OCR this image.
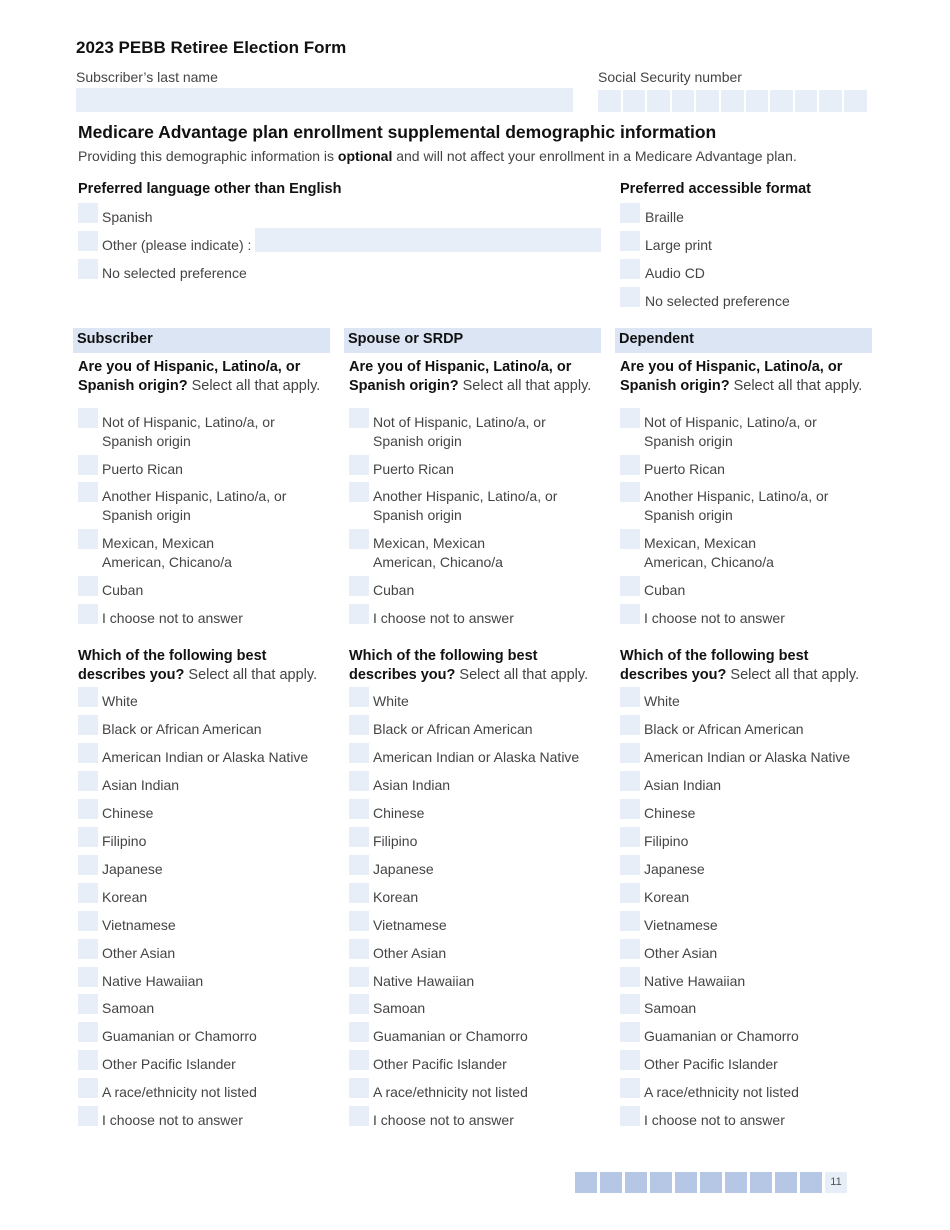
2023 PEBB Retiree Election Form
Subscriber’s last name	Social Security number
Medicare Advantage plan enrollment supplemental demographic information
Providing this demographic information is optional and will not affect your enrollment in a Medicare Advantage plan.
Preferred language other than English	Preferred accessible format
Spanish
Other (please indicate) :
No selected preference
Braille
Large print
Audio CD
No selected preference
Subscriber
Are you of Hispanic, Latino/a, or Spanish origin? Select all that apply.
Not of Hispanic, Latino/a, or
Spanish origin
Puerto Rican
Another Hispanic, Latino/a, or
Spanish origin
Mexican, Mexican
American, Chicano/a
Cuban
I choose not to answer
Which of the following best describes you? Select all that apply.
White
Black or African American
American Indian or Alaska Native
Asian Indian
Chinese
Filipino
Japanese
Korean
Vietnamese
Other Asian
Native Hawaiian
Samoan
Guamanian or Chamorro
Other Pacific Islander
A race/ethnicity not listed
I choose not to answer
Spouse or SRDP
Are you of Hispanic, Latino/a, or Spanish origin? Select all that apply.
Not of Hispanic, Latino/a, or
Spanish origin
Puerto Rican
Another Hispanic, Latino/a, or
Spanish origin
Mexican, Mexican
American, Chicano/a
Cuban
I choose not to answer
Which of the following best describes you? Select all that apply.
White
Black or African American
American Indian or Alaska Native
Asian Indian
Chinese
Filipino
Japanese
Korean
Vietnamese
Other Asian
Native Hawaiian
Samoan
Guamanian or Chamorro
Other Pacific Islander
A race/ethnicity not listed
I choose not to answer
Dependent
Are you of Hispanic, Latino/a, or Spanish origin? Select all that apply.
Not of Hispanic, Latino/a, or
Spanish origin
Puerto Rican
Another Hispanic, Latino/a, or
Spanish origin
Mexican, Mexican
American, Chicano/a
Cuban
I choose not to answer
Which of the following best describes you? Select all that apply.
White
Black or African American
American Indian or Alaska Native
Asian Indian
Chinese
Filipino
Japanese
Korean
Vietnamese
Other Asian
Native Hawaiian
Samoan
Guamanian or Chamorro
Other Pacific Islander
A race/ethnicity not listed
I choose not to answer
11
